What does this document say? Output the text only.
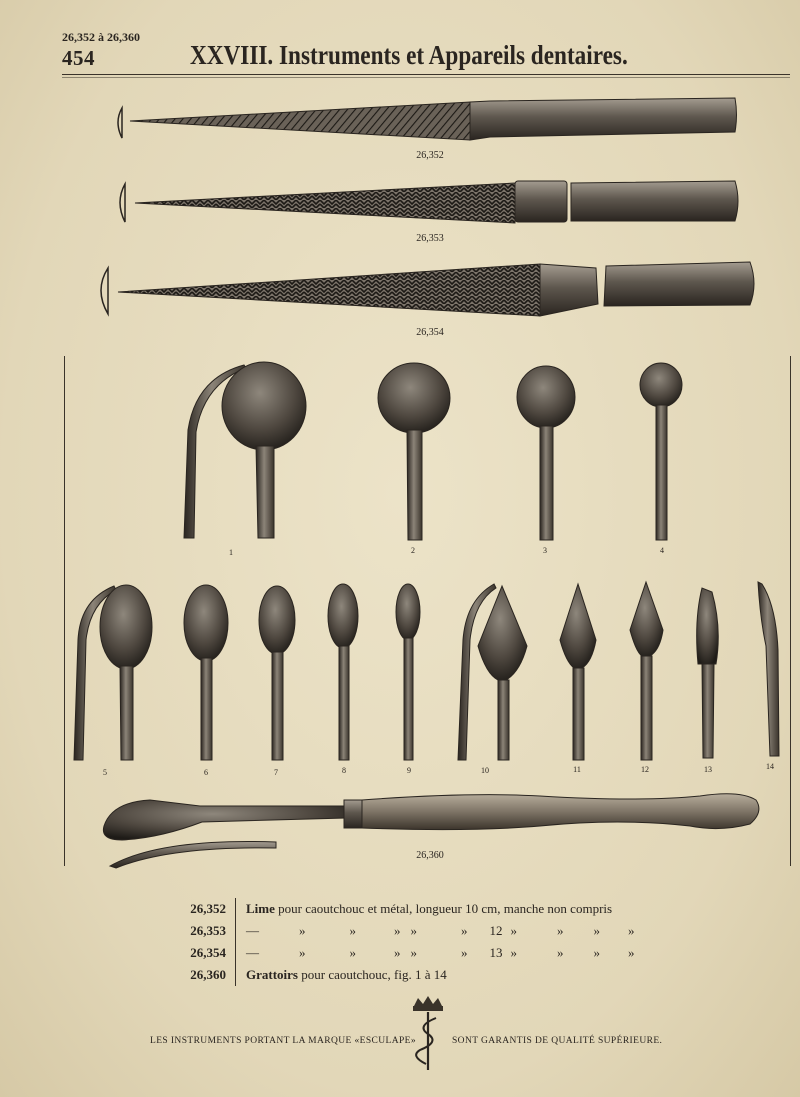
26,352 à 26,360
454	XXVIII. Instruments et Appareils dentaires.
26,352
26,353
26,354
26,360
1	2	3	4
5	6	7	8	9	10	11	12	13	14
26,352	Lime pour caoutchouc et métal, longueur 10 cm, manche non compris
26,353	— » » » » » 12 » » » »
26,354	— » » » » » 13 » » » »
26,360	Grattoirs pour caoutchouc, fig. 1 à 14
LES INSTRUMENTS PORTANT LA MARQUE «ESCULAPE»	SONT GARANTIS DE QUALITÉ SUPÉRIEURE.
